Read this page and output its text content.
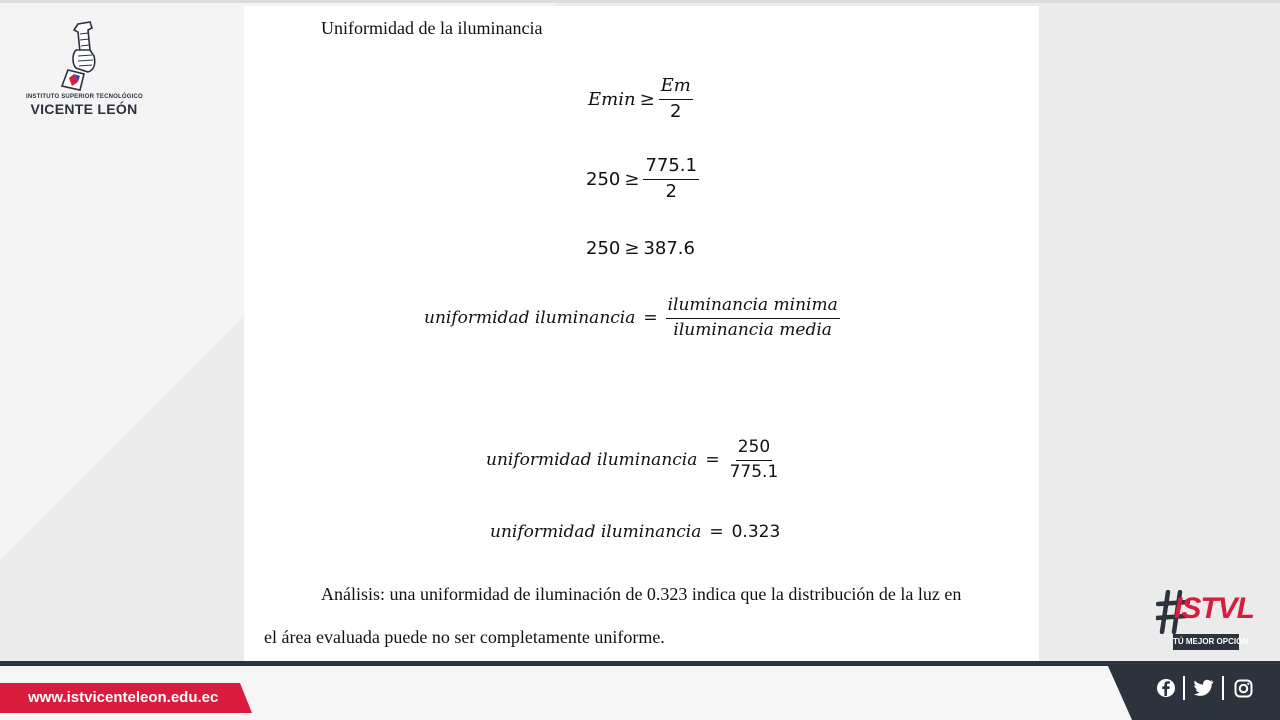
INSTITUTO SUPERIOR TECNOLÓGICO
VICENTE LEÓN
Uniformidad de la iluminancia
$Emin \ge \frac{Em}{2}$
$250 \ge \frac{775.1}{2}$
250 ≥ 387.6
uniformidad iluminancia = $\frac{\text{iluminancia minima}}{\text{iluminancia media}}$
uniformidad iluminancia = $\frac{250}{775.1}$
uniformidad iluminancia = 0.323
Análisis: una uniformidad de iluminación de 0.323 indica que la distribución de la luz en
el área evaluada puede no ser completamente uniforme.
ISTVL
TÚ MEJOR OPCIÓN
www.istvicenteleon.edu.ec
